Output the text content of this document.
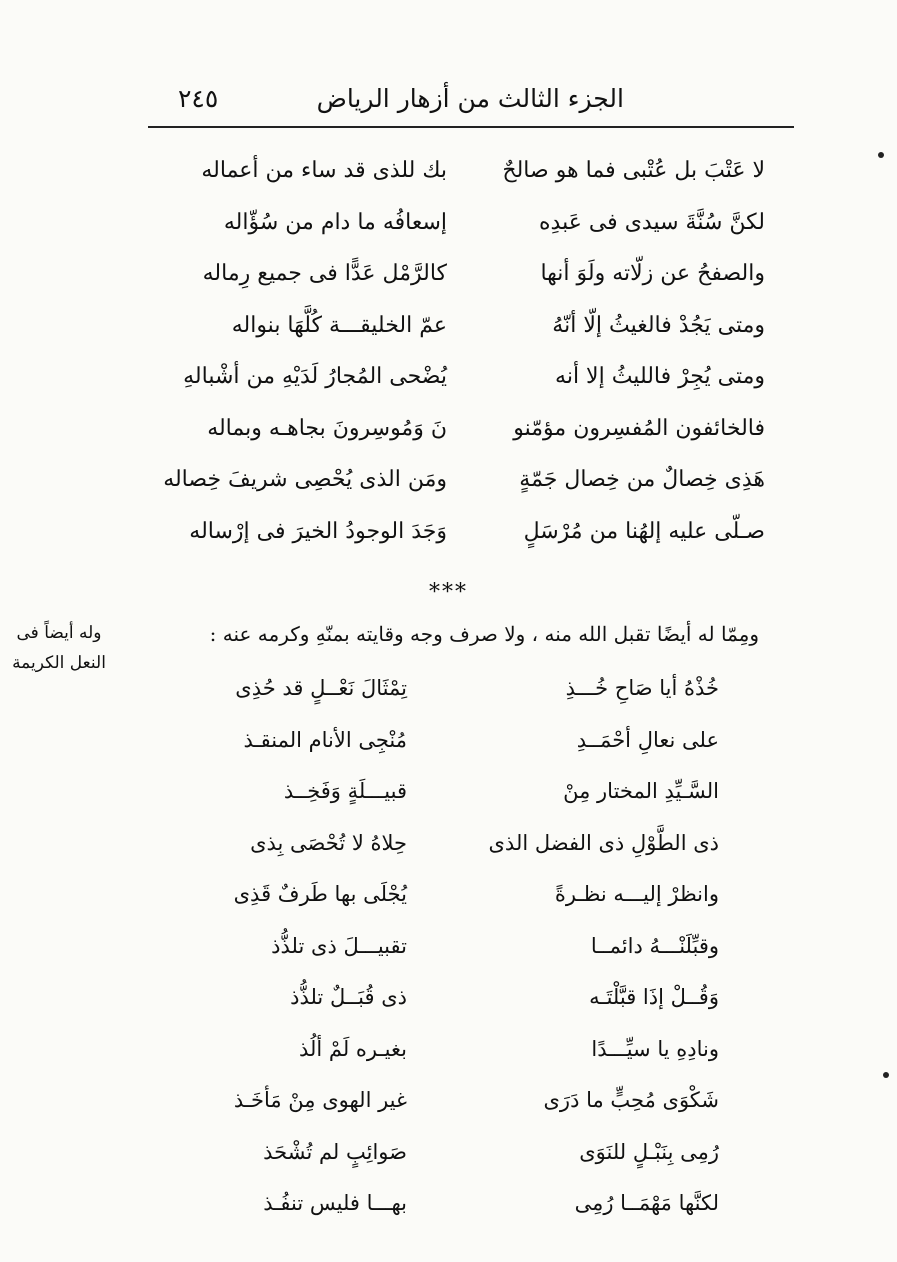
الجزء الثالث من أزهار الرياض
٢٤٥
لا عَتْبَ بل عُتْبى فما هو صالحٌ
بك للذى قد ساء من أعماله
لكنَّ سُنَّةَ سيدى فى عَبدِه
إسعافُه ما دام من سُؤّاله
والصفحُ عن زلّاته ولَوَ أنها
كالرَّمْل عَدًّا فى جميع رِماله
ومتى يَجُدْ فالغيثُ إلّا أنّهُ
عمّ الخليقـــة كُلَّهَا بنواله
ومتى يُجِرْ فالليثُ إلا أنه
يُضْحى المُجارُ لَدَيْهِ من أشْبالهِ
فالخائفون المُفسِرون مؤمّنو
نَ وَمُوسِرونَ بجاهـه وبماله
هَذِى خِصالٌ من خِصال جَمّةٍ
ومَن الذى يُحْصِى شريفَ خِصاله
صـلّى عليه إلهُنا من مُرْسَلٍ
وَجَدَ الوجودُ الخيرَ فى إرْساله
***
ومِمّا له أيضًا تقبل الله منه ، ولا صرف وجه وقايته بمنّهِ وكرمه عنه :
وله أيضاً فى
النعل الكريمة
خُذْهُ أيا صَاحِ خُـــذِ
تِمْثَالَ نَعْــلٍ قد حُذِى
على نعالِ أحْمَــدِ
مُنْجِى الأنام المنقـذ
السَّـيِّدِ المختار مِنْ
قبيـــلَةٍ وَفَخِــذ
ذى الطَّوْلِ ذى الفضل الذى
حِلاهُ لا تُحْصَى بِذى
وانظرْ إليـــه نظـرةً
يُجْلَى بها طَرفٌ قَذِى
وقبِّلَنْـــهُ دائمــا
تقبيـــلَ ذى تلذُّذ
وَقُــلْ إذَا قبَّلْتَـه
ذى قُبَــلٌ تلذُّذ
ونادِهِ يا سيِّـــدًا
بغيـره لَمْ ألُذ
شَكْوَى مُحِبٍّ ما دَرَى
غير الهوى مِنْ مَأخَـذ
رُمِى بِنَبْـلٍ للنَوَى
صَوائِبٍ لم تُشْحَذ
لكنَّها مَهْمَــا رُمِى
بهـــا فليس تنفُـذ
